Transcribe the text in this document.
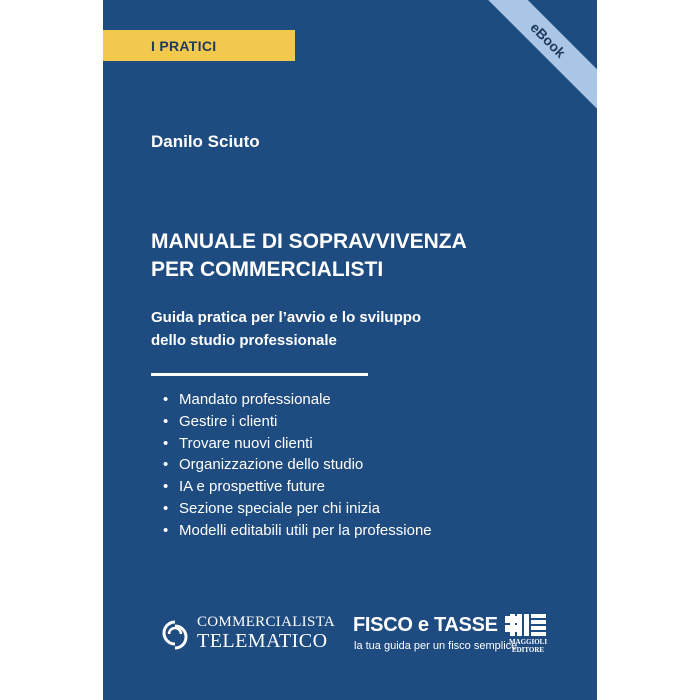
I PRATICI	eBook
Danilo Sciuto
MANUALE DI SOPRAVVIVENZA
PER COMMERCIALISTI
Guida pratica per l’avvio e lo sviluppo
dello studio professionale
• Mandato professionale
• Gestire i clienti
• Trovare nuovi clienti
• Organizzazione dello studio
• IA e prospettive future
• Sezione speciale per chi inizia
• Modelli editabili utili per la professione
COMMERCIALISTA
TELEMATICO
FISCO e TASSE
la tua guida per un fisco semplice
MAGGIOLI
EDITORE
